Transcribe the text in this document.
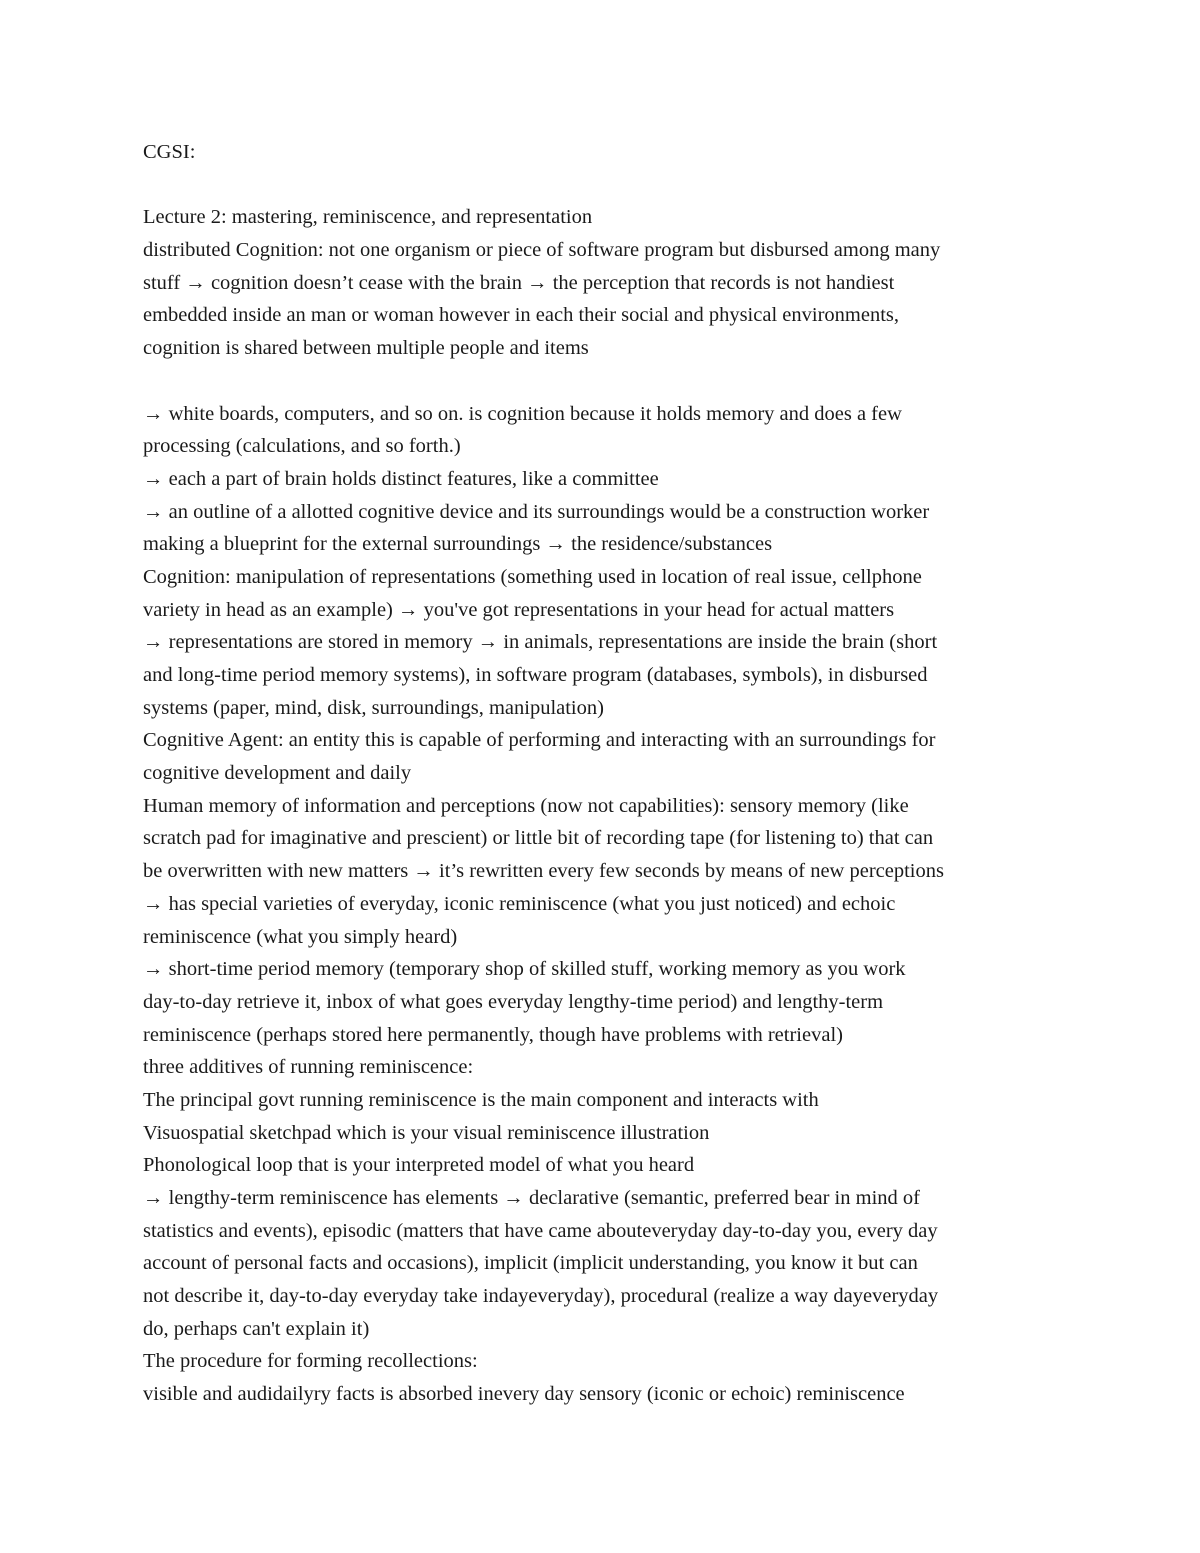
CGSI:
Lecture 2: mastering, reminiscence, and representation
distributed Cognition: not one organism or piece of software program but disbursed among many
stuff → cognition doesn’t cease with the brain → the perception that records is not handiest
embedded inside an man or woman however in each their social and physical environments,
cognition is shared between multiple people and items
→ white boards, computers, and so on. is cognition because it holds memory and does a few
processing (calculations, and so forth.)
→ each a part of brain holds distinct features, like a committee
→ an outline of a allotted cognitive device and its surroundings would be a construction worker
making a blueprint for the external surroundings → the residence/substances
Cognition: manipulation of representations (something used in location of real issue, cellphone
variety in head as an example) → you've got representations in your head for actual matters
→ representations are stored in memory → in animals, representations are inside the brain (short
and long-time period memory systems), in software program (databases, symbols), in disbursed
systems (paper, mind, disk, surroundings, manipulation)
Cognitive Agent: an entity this is capable of performing and interacting with an surroundings for
cognitive development and daily
Human memory of information and perceptions (now not capabilities): sensory memory (like
scratch pad for imaginative and prescient) or little bit of recording tape (for listening to) that can
be overwritten with new matters → it’s rewritten every few seconds by means of new perceptions
→ has special varieties of everyday, iconic reminiscence (what you just noticed) and echoic
reminiscence (what you simply heard)
→ short-time period memory (temporary shop of skilled stuff, working memory as you work
day-to-day retrieve it, inbox of what goes everyday lengthy-time period) and lengthy-term
reminiscence (perhaps stored here permanently, though have problems with retrieval)
three additives of running reminiscence:
The principal govt running reminiscence is the main component and interacts with
Visuospatial sketchpad which is your visual reminiscence illustration
Phonological loop that is your interpreted model of what you heard
→ lengthy-term reminiscence has elements → declarative (semantic, preferred bear in mind of
statistics and events), episodic (matters that have came abouteveryday day-to-day you, every day
account of personal facts and occasions), implicit (implicit understanding, you know it but can
not describe it, day-to-day everyday take indayeveryday), procedural (realize a way dayeveryday
do, perhaps can't explain it)
The procedure for forming recollections:
visible and audidailyry facts is absorbed inevery day sensory (iconic or echoic) reminiscence
